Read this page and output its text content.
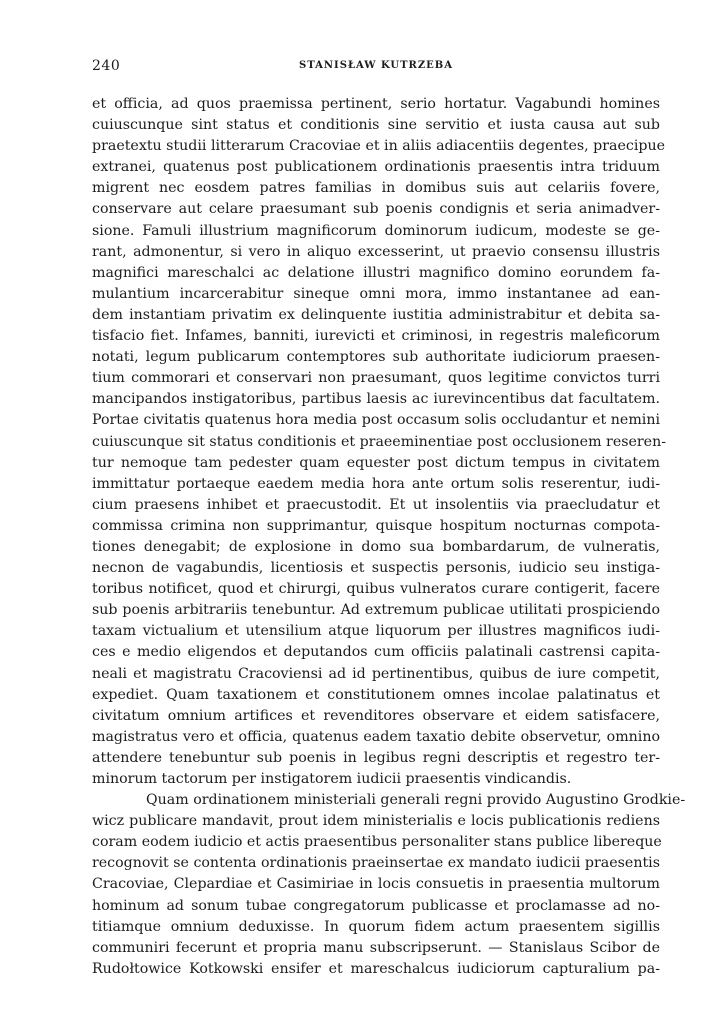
240	STANISŁAW KUTRZEBA
et officia, ad quos praemissa pertinent, serio hortatur. Vagabundi homines
cuiuscunque sint status et conditionis sine servitio et iusta causa aut sub
praetextu studii litterarum Cracoviae et in aliis adiacentiis degentes, praecipue
extranei, quatenus post publicationem ordinationis praesentis intra triduum
migrent nec eosdem patres familias in domibus suis aut celariis fovere,
conservare aut celare praesumant sub poenis condignis et seria animadver-
sione. Famuli illustrium magnificorum dominorum iudicum, modeste se ge-
rant, admonentur, si vero in aliquo excesserint, ut praevio consensu illustris
magnifici mareschalci ac delatione illustri magnifico domino eorundem fa-
mulantium incarcerabitur sineque omni mora, immo instantanee ad ean-
dem instantiam privatim ex delinquente iustitia administrabitur et debita sa-
tisfacio fiet. Infames, banniti, iurevicti et criminosi, in regestris maleficorum
notati, legum publicarum contemptores sub authoritate iudiciorum praesen-
tium commorari et conservari non praesumant, quos legitime convictos turri
mancipandos instigatoribus, partibus laesis ac iurevincentibus dat facultatem.
Portae civitatis quatenus hora media post occasum solis occludantur et nemini
cuiuscunque sit status conditionis et praeeminentiae post occlusionem reseren-
tur nemoque tam pedester quam equester post dictum tempus in civitatem
immittatur portaeque eaedem media hora ante ortum solis reserentur, iudi-
cium praesens inhibet et praecustodit. Et ut insolentiis via praecludatur et
commissa crimina non supprimantur, quisque hospitum nocturnas compota-
tiones denegabit; de explosione in domo sua bombardarum, de vulneratis,
necnon de vagabundis, licentiosis et suspectis personis, iudicio seu instiga-
toribus notificet, quod et chirurgi, quibus vulneratos curare contigerit, facere
sub poenis arbitrariis tenebuntur. Ad extremum publicae utilitati prospiciendo
taxam victualium et utensilium atque liquorum per illustres magnificos iudi-
ces e medio eligendos et deputandos cum officiis palatinali castrensi capita-
neali et magistratu Cracoviensi ad id pertinentibus, quibus de iure competit,
expediet. Quam taxationem et constitutionem omnes incolae palatinatus et
civitatum omnium artifices et revenditores observare et eidem satisfacere,
magistratus vero et officia, quatenus eadem taxatio debite observetur, omnino
attendere tenebuntur sub poenis in legibus regni descriptis et regestro ter-
minorum tactorum per instigatorem iudicii praesentis vindicandis.
Quam ordinationem ministeriali generali regni provido Augustino Grodkie-
wicz publicare mandavit, prout idem ministerialis e locis publicationis rediens
coram eodem iudicio et actis praesentibus personaliter stans publice libereque
recognovit se contenta ordinationis praeinsertae ex mandato iudicii praesentis
Cracoviae, Clepardiae et Casimiriae in locis consuetis in praesentia multorum
hominum ad sonum tubae congregatorum publicasse et proclamasse ad no-
titiamque omnium deduxisse. In quorum fidem actum praesentem sigillis
communiri fecerunt et propria manu subscripserunt. — Stanislaus Scibor de
Rudołtowice Kotkowski ensifer et mareschalcus iudiciorum capturalium pa-
